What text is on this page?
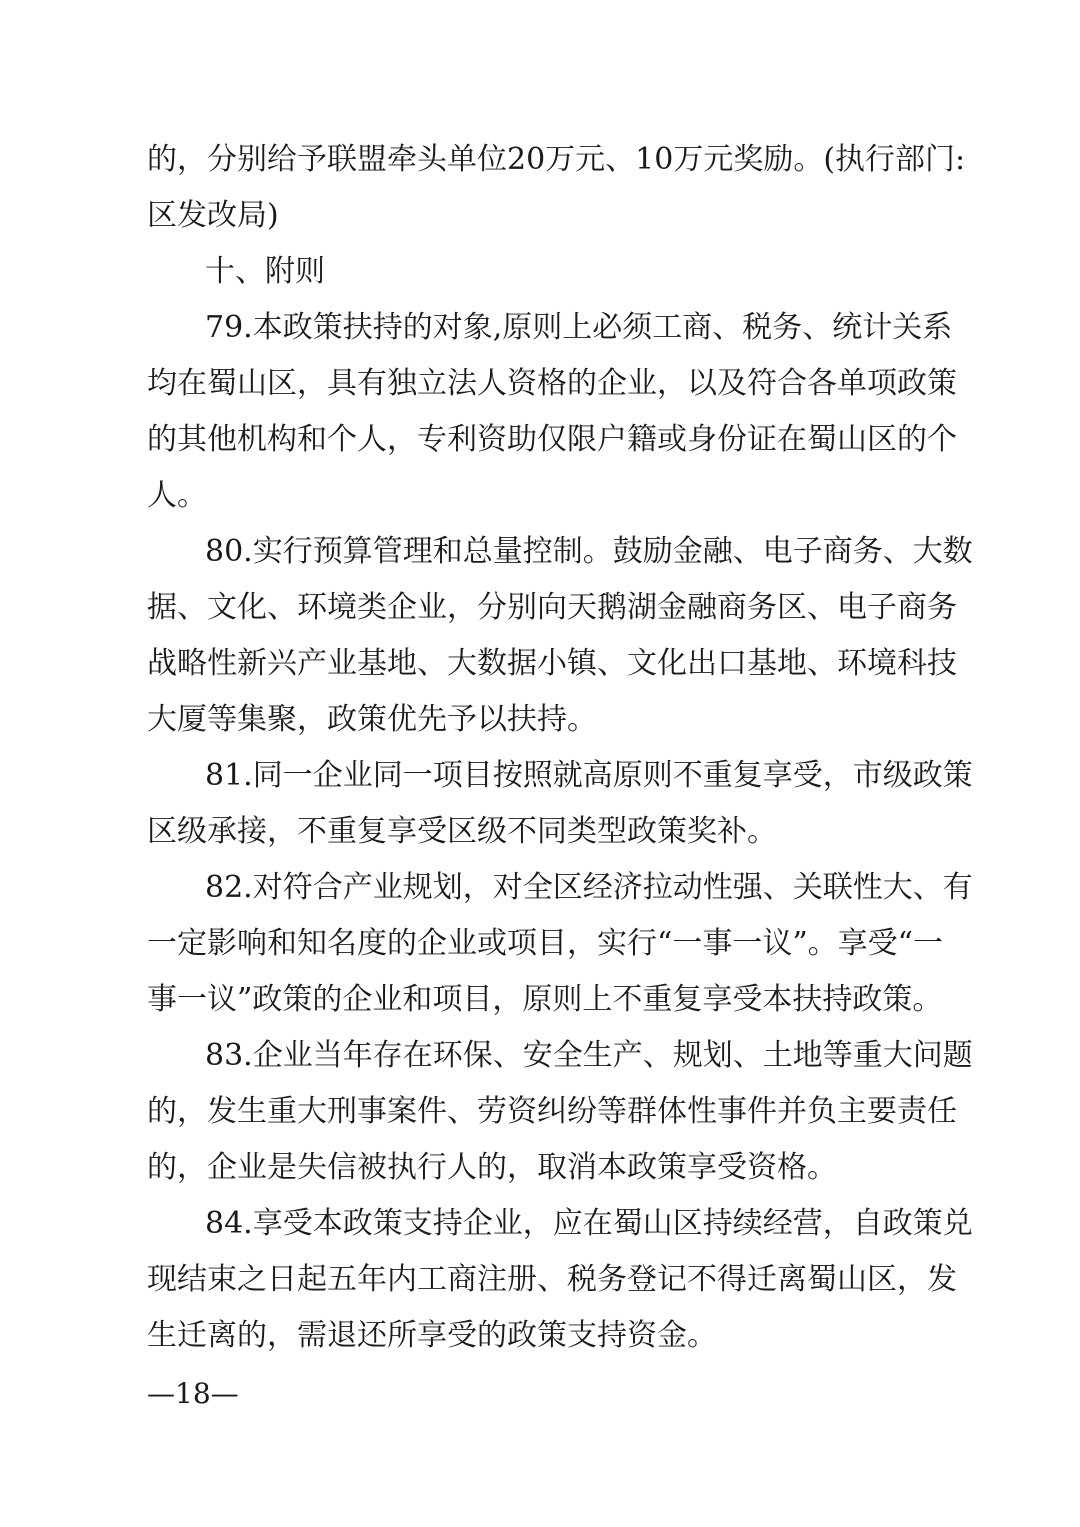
的，分别给予联盟牵头单位20万元、10万元奖励。(执行部门:
区发改局)
十、附则
79.本政策扶持的对象,原则上必须工商、税务、统计关系
均在蜀山区，具有独立法人资格的企业，以及符合各单项政策
的其他机构和个人，专利资助仅限户籍或身份证在蜀山区的个
人。
80.实行预算管理和总量控制。鼓励金融、电子商务、大数
据、文化、环境类企业，分别向天鹅湖金融商务区、电子商务
战略性新兴产业基地、大数据小镇、文化出口基地、环境科技
大厦等集聚，政策优先予以扶持。
81.同一企业同一项目按照就高原则不重复享受，市级政策
区级承接，不重复享受区级不同类型政策奖补。
82.对符合产业规划，对全区经济拉动性强、关联性大、有
一定影响和知名度的企业或项目，实行“一事一议”。享受“一
事一议”政策的企业和项目，原则上不重复享受本扶持政策。
83.企业当年存在环保、安全生产、规划、土地等重大问题
的，发生重大刑事案件、劳资纠纷等群体性事件并负主要责任
的，企业是失信被执行人的，取消本政策享受资格。
84.享受本政策支持企业，应在蜀山区持续经营，自政策兑
现结束之日起五年内工商注册、税务登记不得迁离蜀山区，发
生迁离的，需退还所享受的政策支持资金。
—18—
